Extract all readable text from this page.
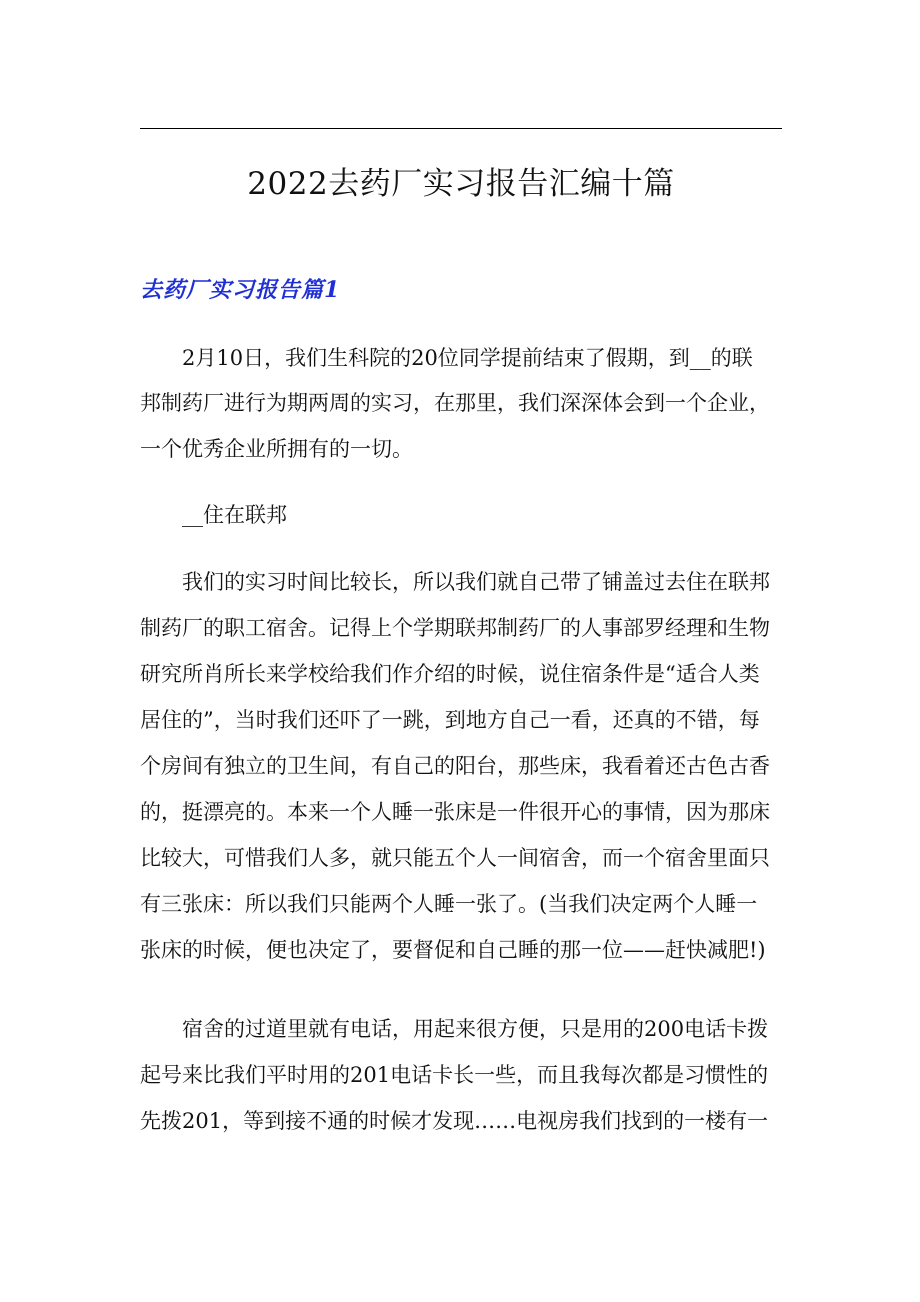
2022去药厂实习报告汇编十篇
去药厂实习报告篇1
2月10日，我们生科院的20位同学提前结束了假期，到__的联
邦制药厂进行为期两周的实习，在那里，我们深深体会到一个企业，
一个优秀企业所拥有的一切。
__住在联邦
我们的实习时间比较长，所以我们就自己带了铺盖过去住在联邦
制药厂的职工宿舍。记得上个学期联邦制药厂的人事部罗经理和生物
研究所肖所长来学校给我们作介绍的时候，说住宿条件是“适合人类
居住的”，当时我们还吓了一跳，到地方自己一看，还真的不错，每
个房间有独立的卫生间，有自己的阳台，那些床，我看着还古色古香
的，挺漂亮的。本来一个人睡一张床是一件很开心的事情，因为那床
比较大，可惜我们人多，就只能五个人一间宿舍，而一个宿舍里面只
有三张床：所以我们只能两个人睡一张了。(当我们决定两个人睡一
张床的时候，便也决定了，要督促和自己睡的那一位——赶快减肥!)
宿舍的过道里就有电话，用起来很方便，只是用的200电话卡拨
起号来比我们平时用的201电话卡长一些，而且我每次都是习惯性的
先拨201，等到接不通的时候才发现……电视房我们找到的一楼有一
